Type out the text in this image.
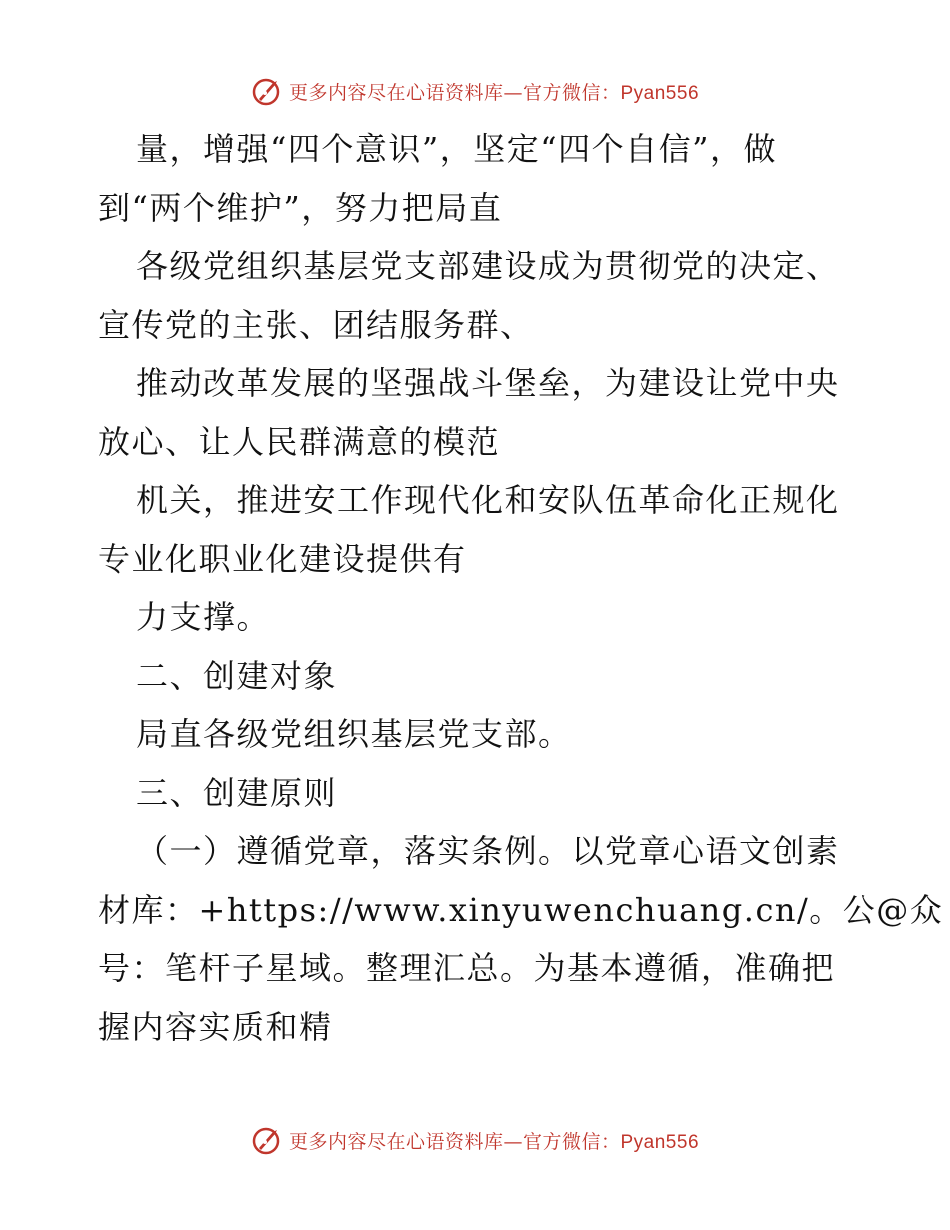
更多内容尽在心语资料库—官方微信：Pyan556
量，增强“四个意识”，坚定“四个自信”，做
到“两个维护”，努力把局直
各级党组织基层党支部建设成为贯彻党的决定、
宣传党的主张、团结服务群、
推动改革发展的坚强战斗堡垒，为建设让党中央
放心、让人民群满意的模范
机关，推进安工作现代化和安队伍革命化正规化
专业化职业化建设提供有
力支撑。
二、创建对象
局直各级党组织基层党支部。
三、创建原则
（一）遵循党章，落实条例。以党章心语文创素
材库：+https://www.xinyuwenchuang.cn/。公@众
号：笔杆子星域。整理汇总。为基本遵循，准确把
握内容实质和精
更多内容尽在心语资料库—官方微信：Pyan556
